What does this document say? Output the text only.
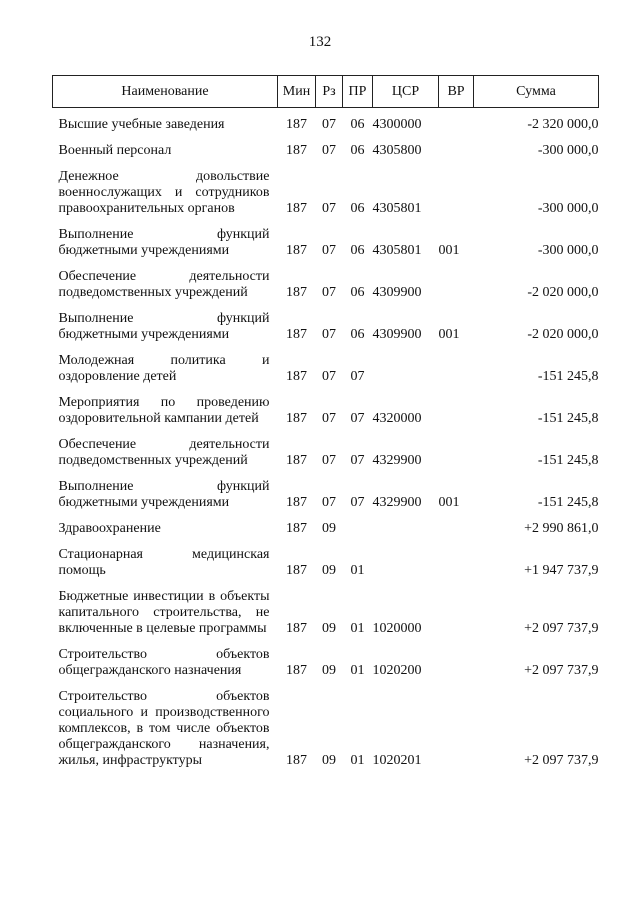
132
Наименование	Мин	Рз	ПР	ЦСР	ВР	Сумма
Высшие учебные заведения	187	07	06	4300000		-2 320 000,0
Военный персонал	187	07	06	4305800		-300 000,0
Денежное довольствие военнослужащих и сотрудников правоохранительных органов	187	07	06	4305801		-300 000,0
Выполнение функций бюджетными учреждениями	187	07	06	4305801	001	-300 000,0
Обеспечение деятельности подведомственных учреждений	187	07	06	4309900		-2 020 000,0
Выполнение функций бюджетными учреждениями	187	07	06	4309900	001	-2 020 000,0
Молодежная политика и оздоровление детей	187	07	07			-151 245,8
Мероприятия по проведению оздоровительной кампании детей	187	07	07	4320000		-151 245,8
Обеспечение деятельности подведомственных учреждений	187	07	07	4329900		-151 245,8
Выполнение функций бюджетными учреждениями	187	07	07	4329900	001	-151 245,8
Здравоохранение	187	09				+2 990 861,0
Стационарная медицинская помощь	187	09	01			+1 947 737,9
Бюджетные инвестиции в объекты капитального строительства, не включенные в целевые программы	187	09	01	1020000		+2 097 737,9
Строительство объектов общегражданского назначения	187	09	01	1020200		+2 097 737,9
Строительство объектов социального и производственного комплексов, в том числе объектов общегражданского назначения, жилья, инфраструктуры	187	09	01	1020201		+2 097 737,9
